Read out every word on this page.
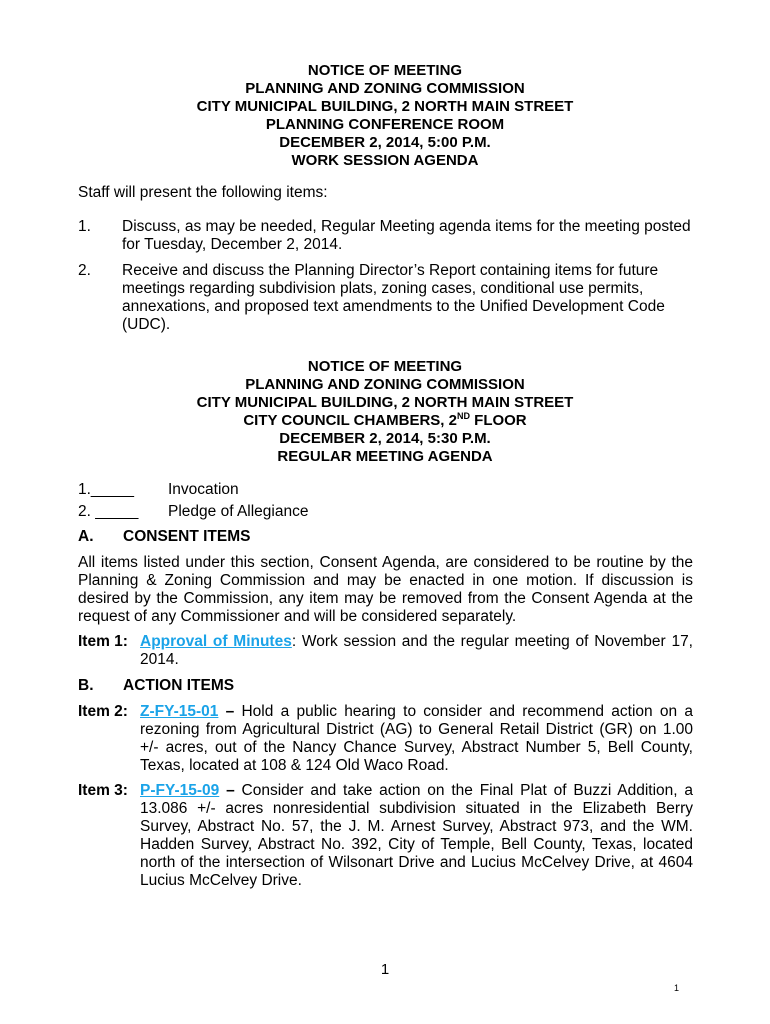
NOTICE OF MEETING
PLANNING AND ZONING COMMISSION
CITY MUNICIPAL BUILDING, 2 NORTH MAIN STREET
PLANNING CONFERENCE ROOM
DECEMBER 2, 2014, 5:00 P.M.
WORK SESSION AGENDA
Staff will present the following items:
1. Discuss, as may be needed, Regular Meeting agenda items for the meeting posted for Tuesday, December 2, 2014.
2. Receive and discuss the Planning Director’s Report containing items for future meetings regarding subdivision plats, zoning cases, conditional use permits, annexations, and proposed text amendments to the Unified Development Code (UDC).
NOTICE OF MEETING
PLANNING AND ZONING COMMISSION
CITY MUNICIPAL BUILDING, 2 NORTH MAIN STREET
CITY COUNCIL CHAMBERS, 2ND FLOOR
DECEMBER 2, 2014, 5:30 P.M.
REGULAR MEETING AGENDA
1._____ Invocation
2. _____ Pledge of Allegiance
A. CONSENT ITEMS
All items listed under this section, Consent Agenda, are considered to be routine by the Planning & Zoning Commission and may be enacted in one motion. If discussion is desired by the Commission, any item may be removed from the Consent Agenda at the request of any Commissioner and will be considered separately.
Item 1: Approval of Minutes: Work session and the regular meeting of November 17, 2014.
B. ACTION ITEMS
Item 2: Z-FY-15-01 – Hold a public hearing to consider and recommend action on a rezoning from Agricultural District (AG) to General Retail District (GR) on 1.00 +/- acres, out of the Nancy Chance Survey, Abstract Number 5, Bell County, Texas, located at 108 & 124 Old Waco Road.
Item 3: P-FY-15-09 – Consider and take action on the Final Plat of Buzzi Addition, a 13.086 +/- acres nonresidential subdivision situated in the Elizabeth Berry Survey, Abstract No. 57, the J. M. Arnest Survey, Abstract 973, and the WM. Hadden Survey, Abstract No. 392, City of Temple, Bell County, Texas, located north of the intersection of Wilsonart Drive and Lucius McCelvey Drive, at 4604 Lucius McCelvey Drive.
1
1
